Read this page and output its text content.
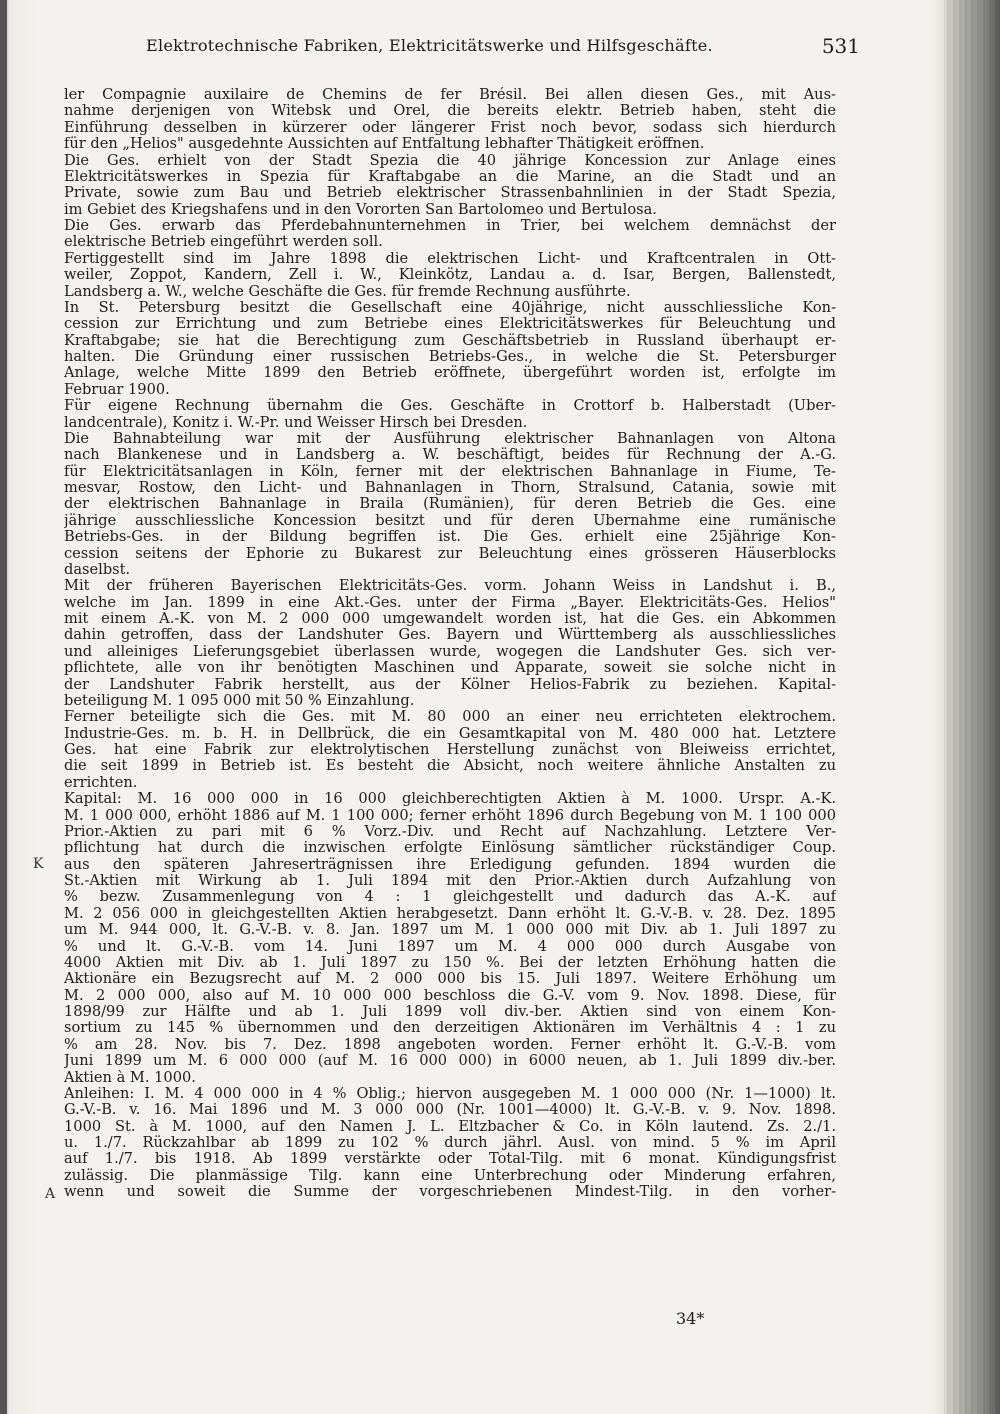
Elektrotechnische Fabriken, Elektricitätswerke und Hilfsgeschäfte.	531
K
A
ler Compagnie auxilaire de Chemins de fer Brésil. Bei allen diesen Ges., mit Aus-
nahme derjenigen von Witebsk und Orel, die bereits elektr. Betrieb haben, steht die
Einführung desselben in kürzerer oder längerer Frist noch bevor, sodass sich hierdurch
für den „Helios" ausgedehnte Aussichten auf Entfaltung lebhafter Thätigkeit eröffnen.
Die Ges. erhielt von der Stadt Spezia die 40 jährige Koncession zur Anlage eines
Elektricitätswerkes in Spezia für Kraftabgabe an die Marine, an die Stadt und an
Private, sowie zum Bau und Betrieb elektrischer Strassenbahnlinien in der Stadt Spezia,
im Gebiet des Kriegshafens und in den Vororten San Bartolomeo und Bertulosa.
Die Ges. erwarb das Pferdebahnunternehmen in Trier, bei welchem demnächst der
elektrische Betrieb eingeführt werden soll.
Fertiggestellt sind im Jahre 1898 die elektrischen Licht- und Kraftcentralen in Ott-
weiler, Zoppot, Kandern, Zell i. W., Kleinkötz, Landau a. d. Isar, Bergen, Ballenstedt,
Landsberg a. W., welche Geschäfte die Ges. für fremde Rechnung ausführte.
In St. Petersburg besitzt die Gesellschaft eine 40jährige, nicht ausschliessliche Kon-
cession zur Errichtung und zum Betriebe eines Elektricitätswerkes für Beleuchtung und
Kraftabgabe; sie hat die Berechtigung zum Geschäftsbetrieb in Russland überhaupt er-
halten. Die Gründung einer russischen Betriebs-Ges., in welche die St. Petersburger
Anlage, welche Mitte 1899 den Betrieb eröffnete, übergeführt worden ist, erfolgte im
Februar 1900.
Für eigene Rechnung übernahm die Ges. Geschäfte in Crottorf b. Halberstadt (Über-
landcentrale), Konitz i. W.-Pr. und Weisser Hirsch bei Dresden.
Die Bahnabteilung war mit der Ausführung elektrischer Bahnanlagen von Altona
nach Blankenese und in Landsberg a. W. beschäftigt, beides für Rechnung der A.-G.
für Elektricitätsanlagen in Köln, ferner mit der elektrischen Bahnanlage in Fiume, Te-
mesvar, Rostow, den Licht- und Bahnanlagen in Thorn, Stralsund, Catania, sowie mit
der elektrischen Bahnanlage in Braila (Rumänien), für deren Betrieb die Ges. eine
jährige ausschliessliche Koncession besitzt und für deren Übernahme eine rumänische
Betriebs-Ges. in der Bildung begriffen ist. Die Ges. erhielt eine 25jährige Kon-
cession seitens der Ephorie zu Bukarest zur Beleuchtung eines grösseren Häuserblocks
daselbst.
Mit der früheren Bayerischen Elektricitäts-Ges. vorm. Johann Weiss in Landshut i. B.,
welche im Jan. 1899 in eine Akt.-Ges. unter der Firma „Bayer. Elektricitäts-Ges. Helios"
mit einem A.-K. von M. 2 000 000 umgewandelt worden ist, hat die Ges. ein Abkommen
dahin getroffen, dass der Landshuter Ges. Bayern und Württemberg als ausschliessliches
und alleiniges Lieferungsgebiet überlassen wurde, wogegen die Landshuter Ges. sich ver-
pflichtete, alle von ihr benötigten Maschinen und Apparate, soweit sie solche nicht in
der Landshuter Fabrik herstellt, aus der Kölner Helios-Fabrik zu beziehen. Kapital-
beteiligung M. 1 095 000 mit 50 % Einzahlung.
Ferner beteiligte sich die Ges. mit M. 80 000 an einer neu errichteten elektrochem.
Industrie-Ges. m. b. H. in Dellbrück, die ein Gesamtkapital von M. 480 000 hat. Letztere
Ges. hat eine Fabrik zur elektrolytischen Herstellung zunächst von Bleiweiss errichtet,
die seit 1899 in Betrieb ist. Es besteht die Absicht, noch weitere ähnliche Anstalten zu
errichten.
Kapital: M. 16 000 000 in 16 000 gleichberechtigten Aktien à M. 1000. Urspr. A.-K.
M. 1 000 000, erhöht 1886 auf M. 1 100 000; ferner erhöht 1896 durch Begebung von M. 1 100 000
Prior.-Aktien zu pari mit 6 % Vorz.-Div. und Recht auf Nachzahlung. Letztere Ver-
pflichtung hat durch die inzwischen erfolgte Einlösung sämtlicher rückständiger Coup.
aus den späteren Jahreserträgnissen ihre Erledigung gefunden. 1894 wurden die
St.-Aktien mit Wirkung ab 1. Juli 1894 mit den Prior.-Aktien durch Aufzahlung von
% bezw. Zusammenlegung von 4 : 1 gleichgestellt und dadurch das A.-K. auf
M. 2 056 000 in gleichgestellten Aktien herabgesetzt. Dann erhöht lt. G.-V.-B. v. 28. Dez. 1895
um M. 944 000, lt. G.-V.-B. v. 8. Jan. 1897 um M. 1 000 000 mit Div. ab 1. Juli 1897 zu
% und lt. G.-V.-B. vom 14. Juni 1897 um M. 4 000 000 durch Ausgabe von
4000 Aktien mit Div. ab 1. Juli 1897 zu 150 %. Bei der letzten Erhöhung hatten die
Aktionäre ein Bezugsrecht auf M. 2 000 000 bis 15. Juli 1897. Weitere Erhöhung um
M. 2 000 000, also auf M. 10 000 000 beschloss die G.-V. vom 9. Nov. 1898. Diese, für
1898/99 zur Hälfte und ab 1. Juli 1899 voll div.-ber. Aktien sind von einem Kon-
sortium zu 145 % übernommen und den derzeitigen Aktionären im Verhältnis 4 : 1 zu
% am 28. Nov. bis 7. Dez. 1898 angeboten worden. Ferner erhöht lt. G.-V.-B. vom
Juni 1899 um M. 6 000 000 (auf M. 16 000 000) in 6000 neuen, ab 1. Juli 1899 div.-ber.
Aktien à M. 1000.
Anleihen: I. M. 4 000 000 in 4 % Oblig.; hiervon ausgegeben M. 1 000 000 (Nr. 1—1000) lt.
G.-V.-B. v. 16. Mai 1896 und M. 3 000 000 (Nr. 1001—4000) lt. G.-V.-B. v. 9. Nov. 1898.
1000 St. à M. 1000, auf den Namen J. L. Eltzbacher & Co. in Köln lautend. Zs. 2./1.
u. 1./7. Rückzahlbar ab 1899 zu 102 % durch jährl. Ausl. von mind. 5 % im April
auf 1./7. bis 1918. Ab 1899 verstärkte oder Total-Tilg. mit 6 monat. Kündigungsfrist
zulässig. Die planmässige Tilg. kann eine Unterbrechung oder Minderung erfahren,
wenn und soweit die Summe der vorgeschriebenen Mindest-Tilg. in den vorher-
34*
